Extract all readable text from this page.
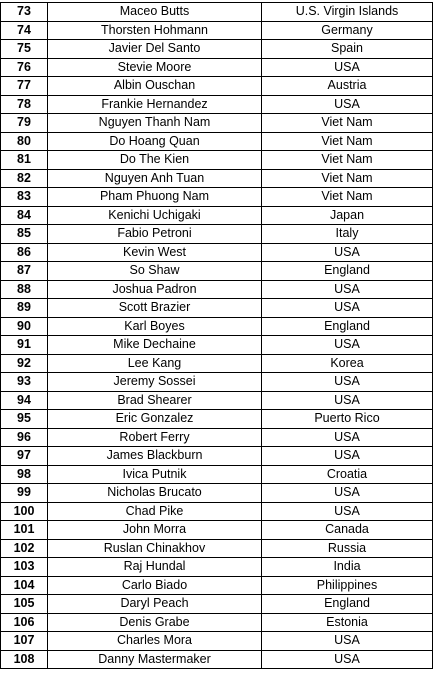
73	Maceo Butts	U.S. Virgin Islands
74	Thorsten Hohmann	Germany
75	Javier Del Santo	Spain
76	Stevie Moore	USA
77	Albin Ouschan	Austria
78	Frankie Hernandez	USA
79	Nguyen Thanh Nam	Viet Nam
80	Do Hoang Quan	Viet Nam
81	Do The Kien	Viet Nam
82	Nguyen Anh Tuan	Viet Nam
83	Pham Phuong Nam	Viet Nam
84	Kenichi Uchigaki	Japan
85	Fabio Petroni	Italy
86	Kevin West	USA
87	So Shaw	England
88	Joshua Padron	USA
89	Scott Brazier	USA
90	Karl Boyes	England
91	Mike Dechaine	USA
92	Lee Kang	Korea
93	Jeremy Sossei	USA
94	Brad Shearer	USA
95	Eric Gonzalez	Puerto Rico
96	Robert Ferry	USA
97	James Blackburn	USA
98	Ivica Putnik	Croatia
99	Nicholas Brucato	USA
100	Chad Pike	USA
101	John Morra	Canada
102	Ruslan Chinakhov	Russia
103	Raj Hundal	India
104	Carlo Biado	Philippines
105	Daryl Peach	England
106	Denis Grabe	Estonia
107	Charles Mora	USA
108	Danny Mastermaker	USA
